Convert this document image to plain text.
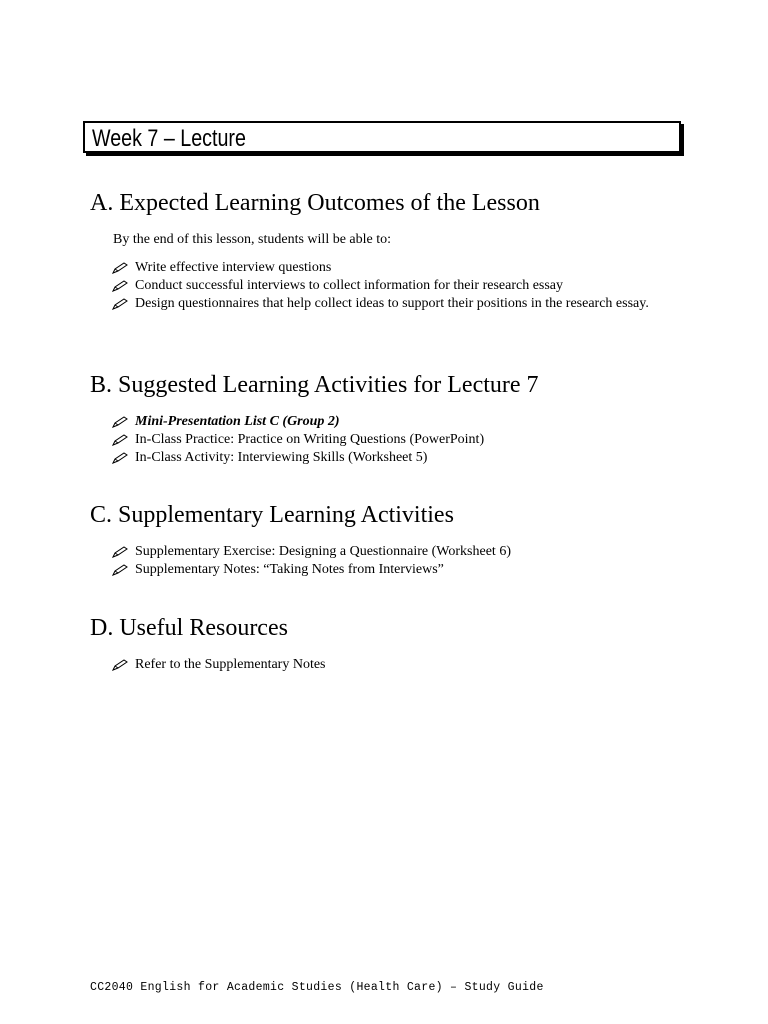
Week 7 – Lecture
A. Expected Learning Outcomes of the Lesson
By the end of this lesson, students will be able to:
Write effective interview questions
Conduct successful interviews to collect information for their research essay
Design questionnaires that help collect ideas to support their positions in the research essay.
B. Suggested Learning Activities for Lecture 7
Mini-Presentation List C (Group 2)
In-Class Practice: Practice on Writing Questions (PowerPoint)
In-Class Activity: Interviewing Skills (Worksheet 5)
C. Supplementary Learning Activities
Supplementary Exercise: Designing a Questionnaire (Worksheet 6)
Supplementary Notes: “Taking Notes from Interviews”
D. Useful Resources
Refer to the Supplementary Notes
CC2040 English for Academic Studies (Health Care) – Study Guide
